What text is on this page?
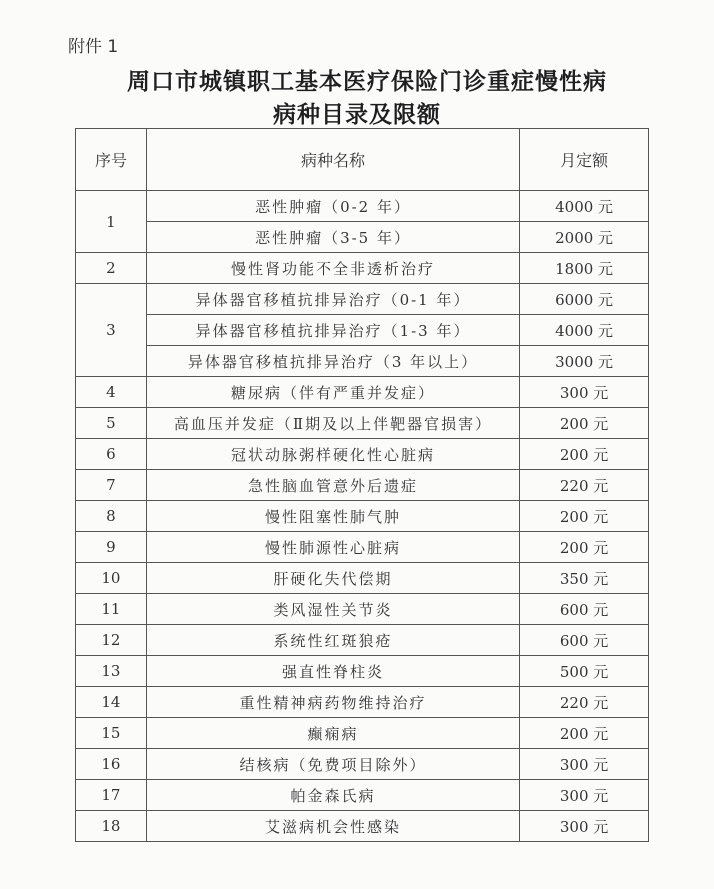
附件 1
周口市城镇职工基本医疗保险门诊重症慢性病
病种目录及限额
序号	病种名称	月定额
1	恶性肿瘤（0-2 年）	4000 元
	恶性肿瘤（3-5 年）	2000 元
2	慢性肾功能不全非透析治疗	1800 元
3	异体器官移植抗排异治疗（0-1 年）	6000 元
	异体器官移植抗排异治疗（1-3 年）	4000 元
	异体器官移植抗排异治疗（3 年以上）	3000 元
4	糖尿病（伴有严重并发症）	300 元
5	高血压并发症（Ⅱ期及以上伴靶器官损害）	200 元
6	冠状动脉粥样硬化性心脏病	200 元
7	急性脑血管意外后遗症	220 元
8	慢性阻塞性肺气肿	200 元
9	慢性肺源性心脏病	200 元
10	肝硬化失代偿期	350 元
11	类风湿性关节炎	600 元
12	系统性红斑狼疮	600 元
13	强直性脊柱炎	500 元
14	重性精神病药物维持治疗	220 元
15	癫痫病	200 元
16	结核病（免费项目除外）	300 元
17	帕金森氏病	300 元
18	艾滋病机会性感染	300 元
